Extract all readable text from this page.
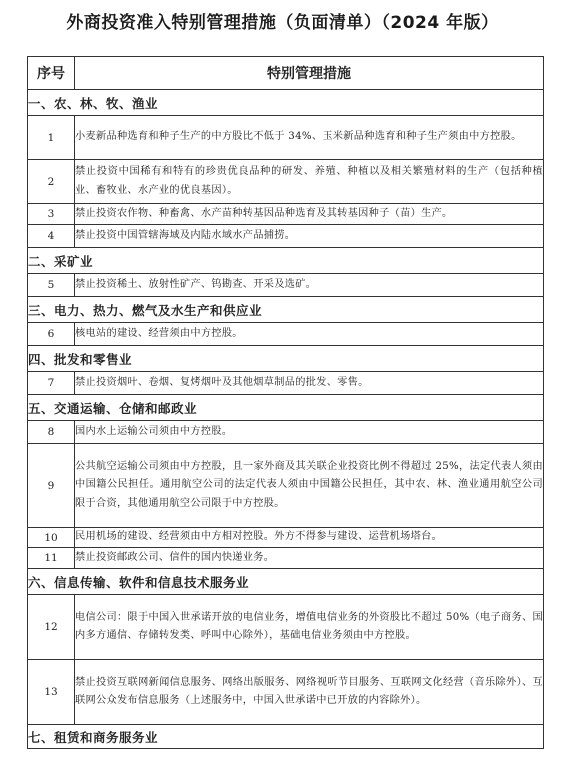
外商投资准入特别管理措施（负面清单）（2024 年版）
序号	特别管理措施
一、农、林、牧、渔业	
1	小麦新品种选育和种子生产的中方股比不低于 34%、玉米新品种选育和种子生产须由中方控股。
2	禁止投资中国稀有和特有的珍贵优良品种的研发、养殖、种植以及相关繁殖材料的生产（包括种植业、畜牧业、水产业的优良基因）。
3	禁止投资农作物、种畜禽、水产苗种转基因品种选育及其转基因种子（苗）生产。
4	禁止投资中国管辖海域及内陆水域水产品捕捞。
二、采矿业	
5	禁止投资稀土、放射性矿产、钨勘查、开采及选矿。
三、电力、热力、燃气及水生产和供应业	
6	核电站的建设、经营须由中方控股。
四、批发和零售业	
7	禁止投资烟叶、卷烟、复烤烟叶及其他烟草制品的批发、零售。
五、交通运输、仓储和邮政业	
8	国内水上运输公司须由中方控股。
9	公共航空运输公司须由中方控股，且一家外商及其关联企业投资比例不得超过 25%，法定代表人须由中国籍公民担任。通用航空公司的法定代表人须由中国籍公民担任，其中农、林、渔业通用航空公司限于合资，其他通用航空公司限于中方控股。
10	民用机场的建设、经营须由中方相对控股。外方不得参与建设、运营机场塔台。
11	禁止投资邮政公司、信件的国内快递业务。
六、信息传输、软件和信息技术服务业	
12	电信公司：限于中国入世承诺开放的电信业务，增值电信业务的外资股比不超过 50%（电子商务、国内多方通信、存储转发类、呼叫中心除外），基础电信业务须由中方控股。
13	禁止投资互联网新闻信息服务、网络出版服务、网络视听节目服务、互联网文化经营（音乐除外）、互联网公众发布信息服务（上述服务中，中国入世承诺中已开放的内容除外）。
七、租赁和商务服务业	
